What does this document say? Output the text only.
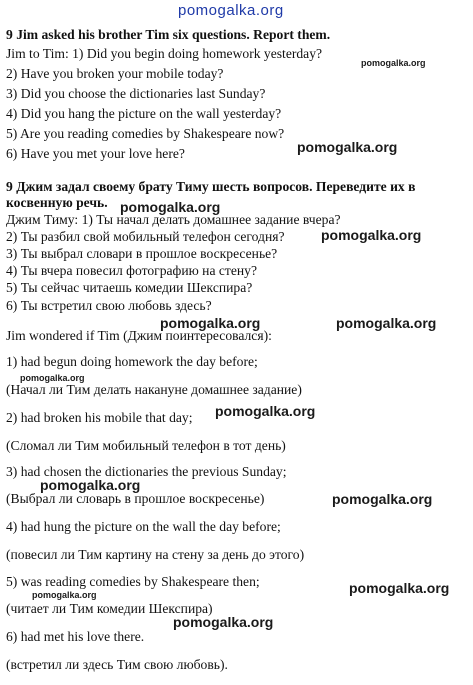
pomogalka.org
9 Jim asked his brother Tim six questions. Report them.
Jim to Tim: 1) Did you begin doing homework yesterday?
pomogalka.org
2) Have you broken your mobile today?
3) Did you choose the dictionaries last Sunday?
4) Did you hang the picture on the wall yesterday?
5) Are you reading comedies by Shakespeare now?
pomogalka.org
6) Have you met your love here?
9 Джим задал своему брату Тиму шесть вопросов. Переведите их в
косвенную речь. pomogalka.org
Джим Тиму: 1) Ты начал делать домашнее задание вчера?
2) Ты разбил свой мобильный телефон сегодня?	pomogalka.org
3) Ты выбрал словари в прошлое воскресенье?
4) Ты вчера повесил фотографию на стену?
5) Ты сейчас читаешь комедии Шекспира?
6) Ты встретил свою любовь здесь?
pomogalka.org	pomogalka.org
Jim wondered if Tim (Джим поинтересовался):
1) had begun doing homework the day before;
pomogalka.org
(Начал ли Тим делать накануне домашнее задание)
pomogalka.org
2) had broken his mobile that day;
(Сломал ли Тим мобильный телефон в тот день)
3) had chosen the dictionaries the previous Sunday;
pomogalka.org
pomogalka.org
(Выбрал ли словарь в прошлое воскресенье)
4) had hung the picture on the wall the day before;
(повесил ли Тим картину на стену за день до этого)
5) was reading comedies by Shakespeare then;	pomogalka.org
pomogalka.org
(читает ли Тим комедии Шекспира)
pomogalka.org
6) had met his love there.
(встретил ли здесь Тим свою любовь).
